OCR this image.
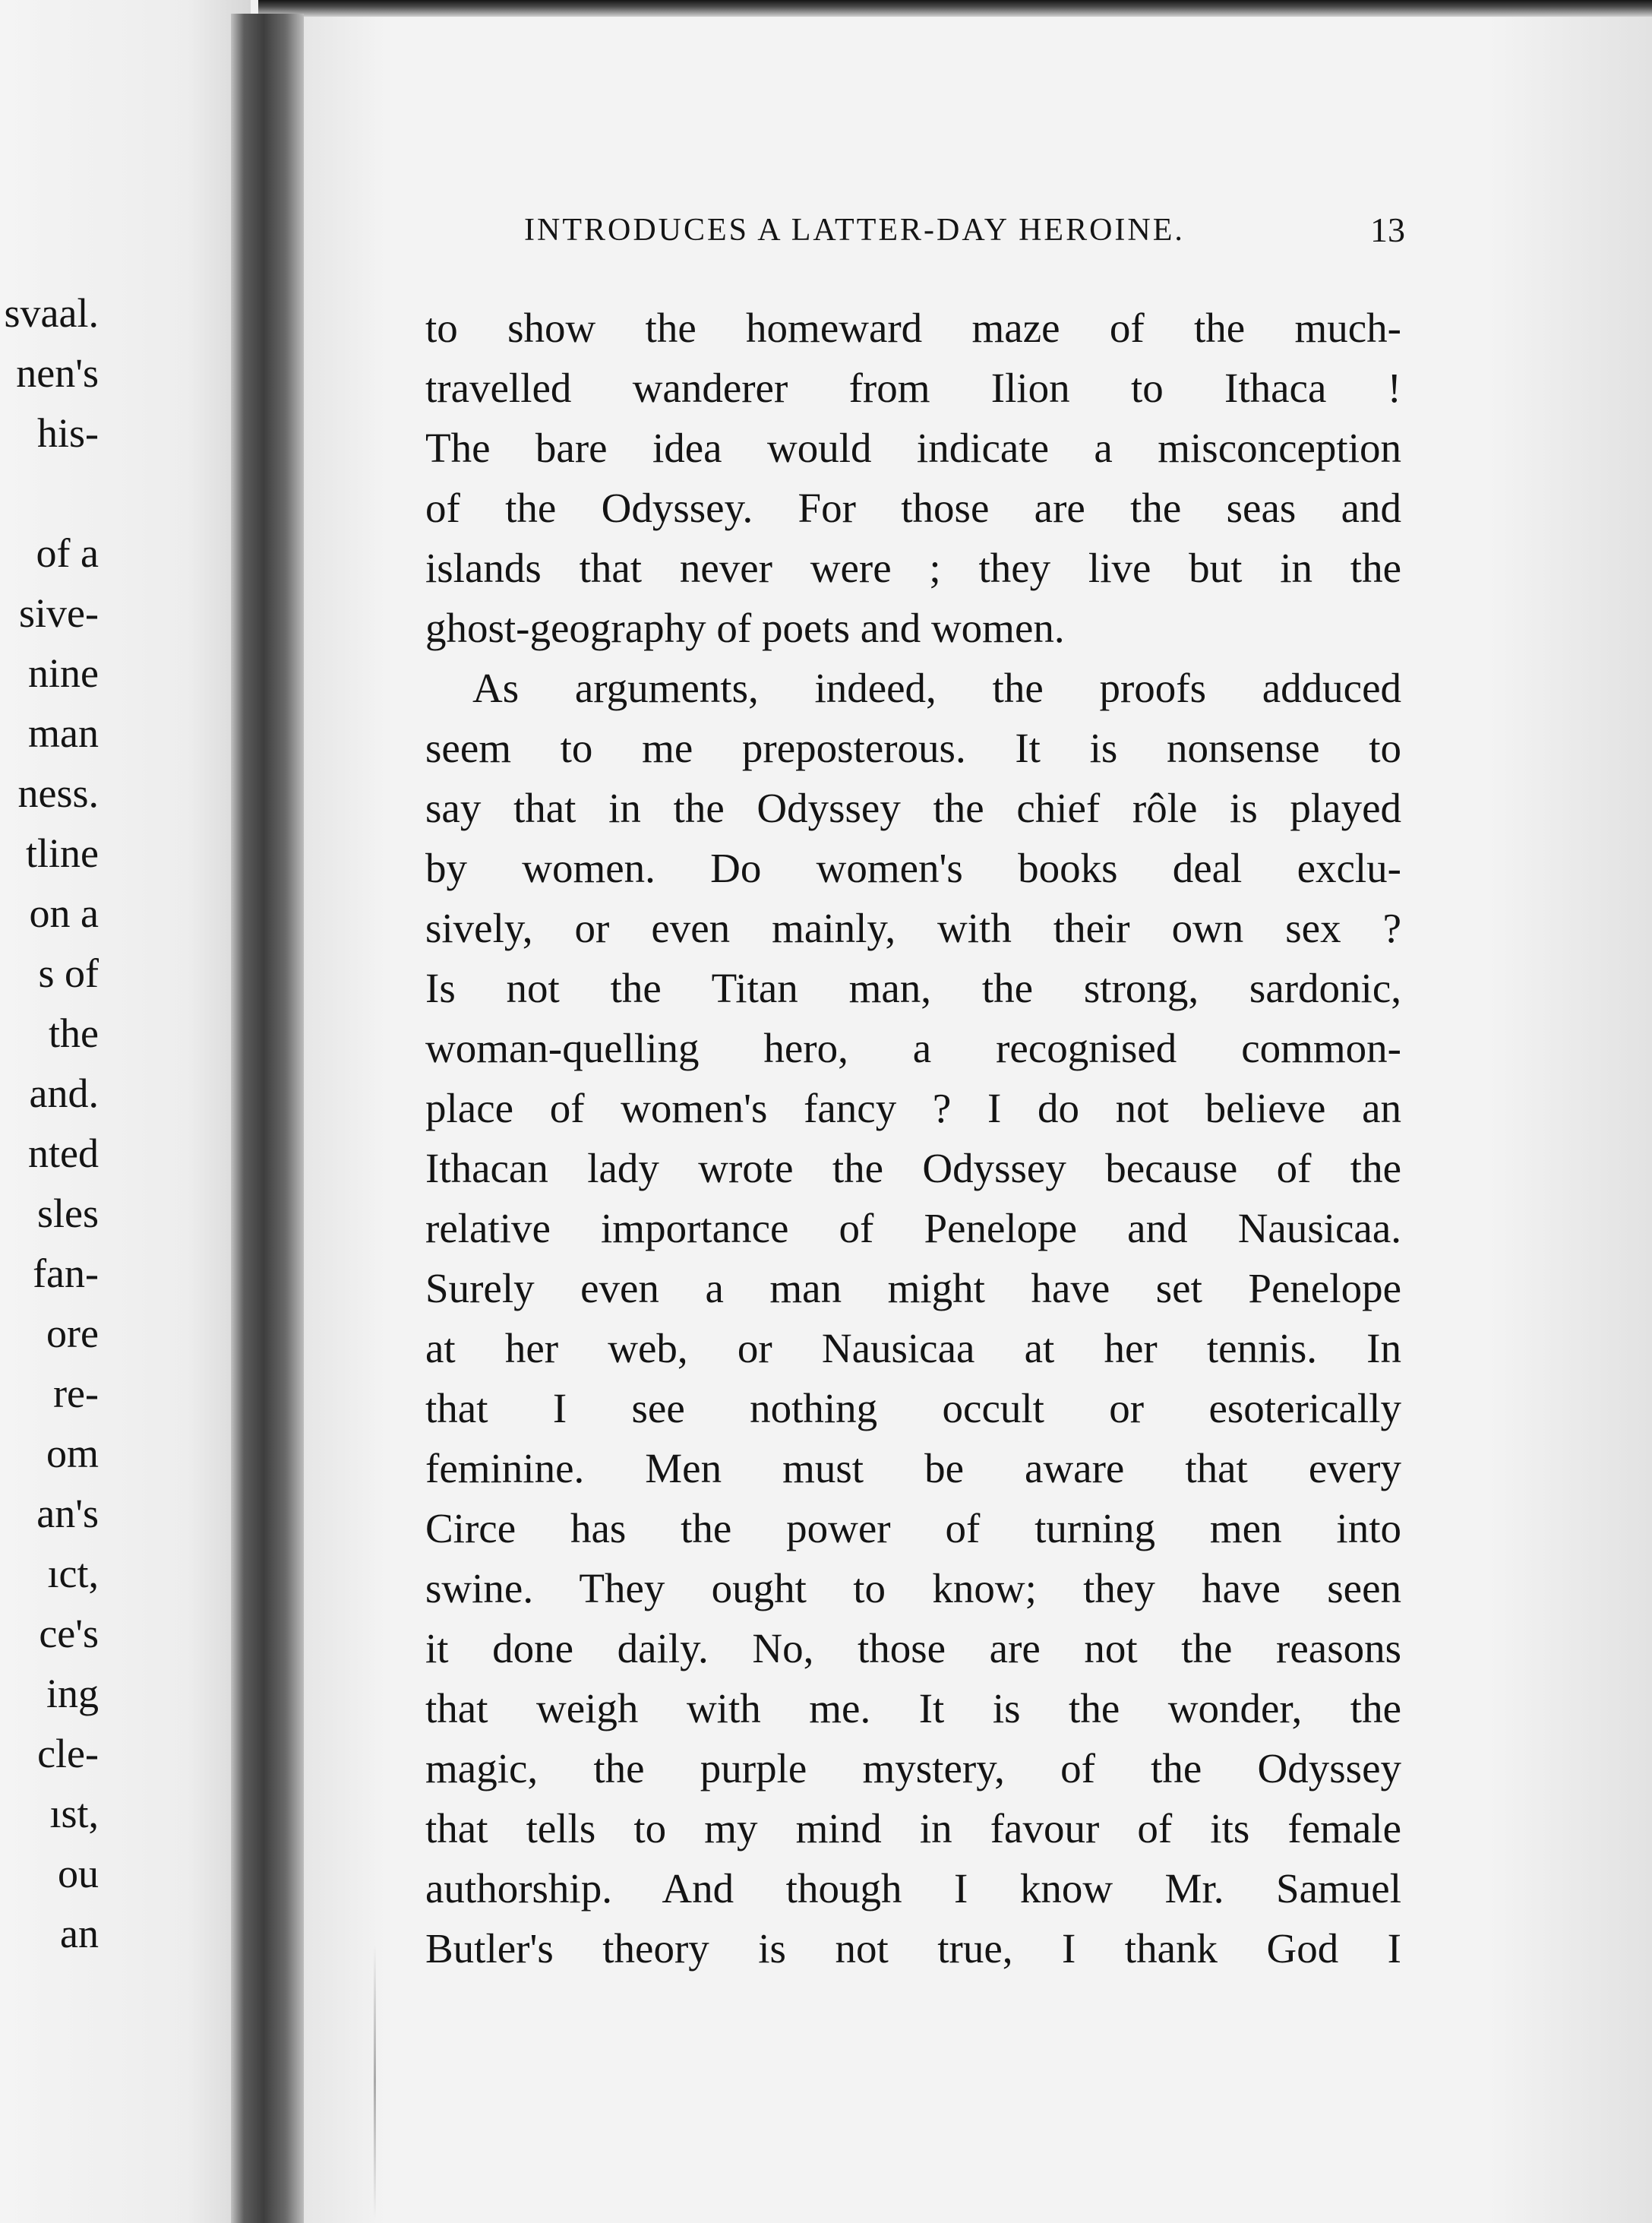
svaal.
nen's
his-
of a
sive-
nine
man
ness.
tline
on a
s of
the
and.
nted
sles
fan-
ore
re-
om
an's
ıct,
ce's
ing
cle-
ıst,
ou
an
INTRODUCES A LATTER-DAY HEROINE.	13
to show the homeward maze of the much-
travelled wanderer from Ilion to Ithaca !
The bare idea would indicate a misconception
of the Odyssey. For those are the seas and
islands that never were ; they live but in the
ghost-geography of poets and women.
As arguments, indeed, the proofs adduced
seem to me preposterous. It is nonsense to
say that in the Odyssey the chief rôle is played
by women. Do women's books deal exclu-
sively, or even mainly, with their own sex ?
Is not the Titan man, the strong, sardonic,
woman-quelling hero, a recognised common-
place of women's fancy ? I do not believe an
Ithacan lady wrote the Odyssey because of the
relative importance of Penelope and Nausicaa.
Surely even a man might have set Penelope
at her web, or Nausicaa at her tennis. In
that I see nothing occult or esoterically
feminine. Men must be aware that every
Circe has the power of turning men into
swine. They ought to know; they have seen
it done daily. No, those are not the reasons
that weigh with me. It is the wonder, the
magic, the purple mystery, of the Odyssey
that tells to my mind in favour of its female
authorship. And though I know Mr. Samuel
Butler's theory is not true, I thank God I
